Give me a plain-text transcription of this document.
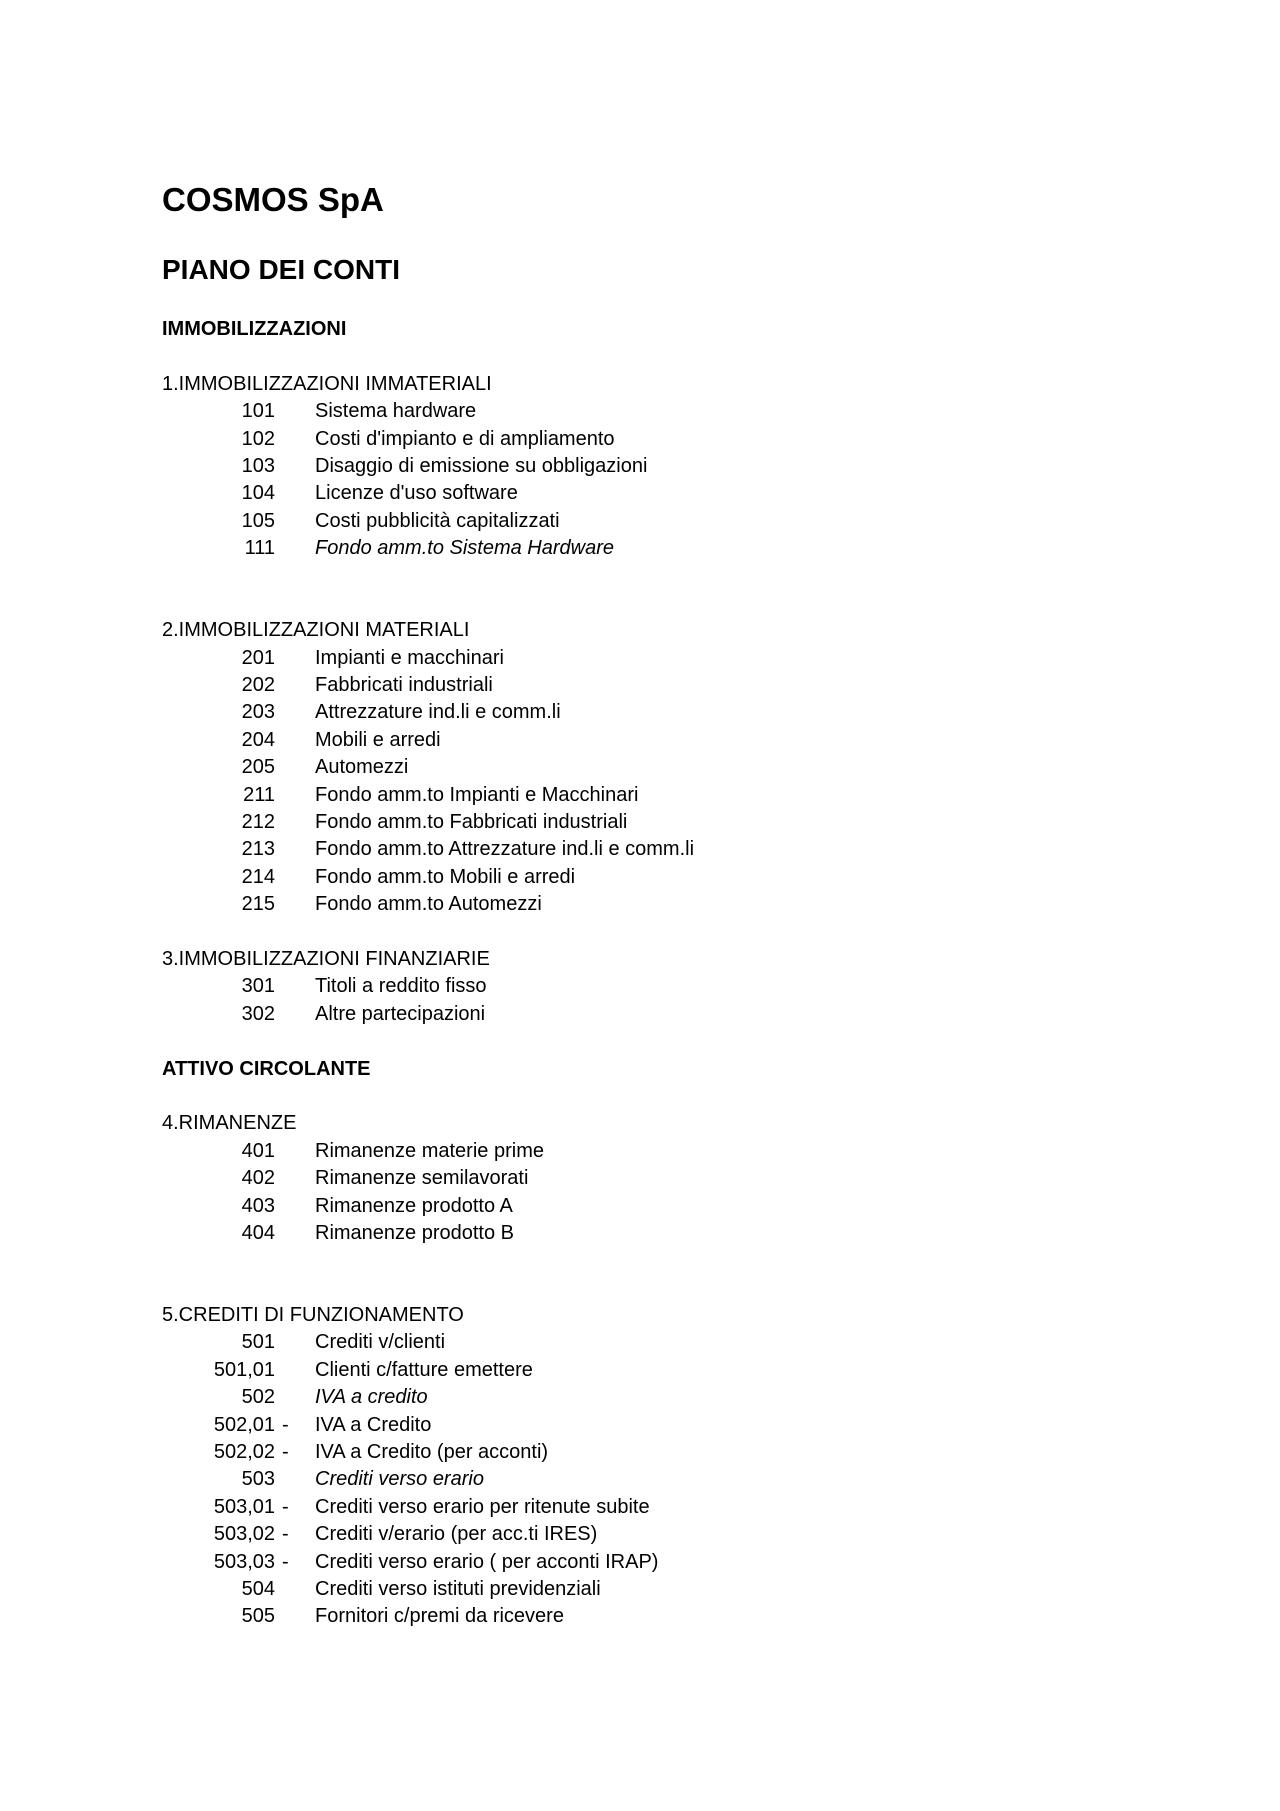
COSMOS SpA
PIANO DEI CONTI
IMMOBILIZZAZIONI
1.IMMOBILIZZAZIONI IMMATERIALI
101 Sistema hardware
102 Costi d'impianto e di ampliamento
103 Disaggio di emissione su obbligazioni
104 Licenze d'uso software
105 Costi pubblicità capitalizzati
111 Fondo amm.to Sistema Hardware
2.IMMOBILIZZAZIONI MATERIALI
201 Impianti e macchinari
202 Fabbricati industriali
203 Attrezzature ind.li e comm.li
204 Mobili e arredi
205 Automezzi
211 Fondo amm.to Impianti e Macchinari
212 Fondo amm.to Fabbricati industriali
213 Fondo amm.to Attrezzature ind.li e comm.li
214 Fondo amm.to Mobili e arredi
215 Fondo amm.to Automezzi
3.IMMOBILIZZAZIONI FINANZIARIE
301 Titoli a reddito fisso
302 Altre partecipazioni
ATTIVO CIRCOLANTE
4.RIMANENZE
401 Rimanenze materie prime
402 Rimanenze semilavorati
403 Rimanenze prodotto A
404 Rimanenze prodotto B
5.CREDITI DI FUNZIONAMENTO
501 Crediti v/clienti
501,01 Clienti c/fatture emettere
502 IVA a credito
502,01 - IVA a Credito
502,02 - IVA a Credito (per acconti)
503 Crediti verso erario
503,01 - Crediti verso erario per ritenute subite
503,02 - Crediti v/erario (per acc.ti IRES)
503,03 - Crediti verso erario ( per acconti IRAP)
504 Crediti verso istituti previdenziali
505 Fornitori c/premi da ricevere
